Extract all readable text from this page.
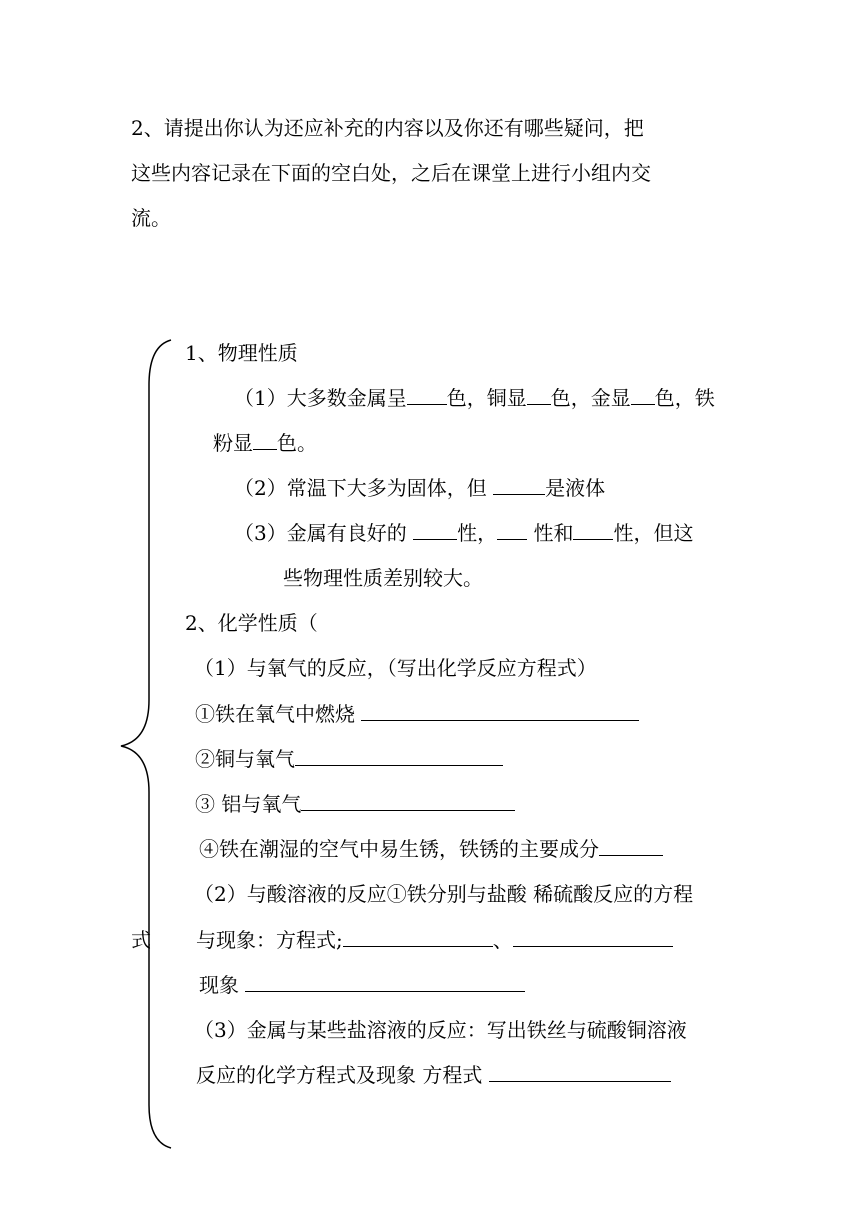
2、请提出你认为还应补充的内容以及你还有哪些疑问，把
这些内容记录在下面的空白处，之后在课堂上进行小组内交
流。
式
1、物理性质
（1）大多数金属呈 色，铜显 色，金显 色，铁
粉显 色。
（2）常温下大多为固体，但	是液体
（3）金属有良好的 性， 性和 性，但这
些物理性质差别较大。
2、化学性质（
（1）与氧气的反应，（写出化学反应方程式）
①铁在氧气中燃烧
②铜与氧气
③ 铝与氧气
④铁在潮湿的空气中易生锈，铁锈的主要成分
（2）与酸溶液的反应①铁分别与盐酸 稀硫酸反应的方程
与现象：方程式;	、
现象
（3）金属与某些盐溶液的反应：写出铁丝与硫酸铜溶液
反应的化学方程式及现象 方程式
